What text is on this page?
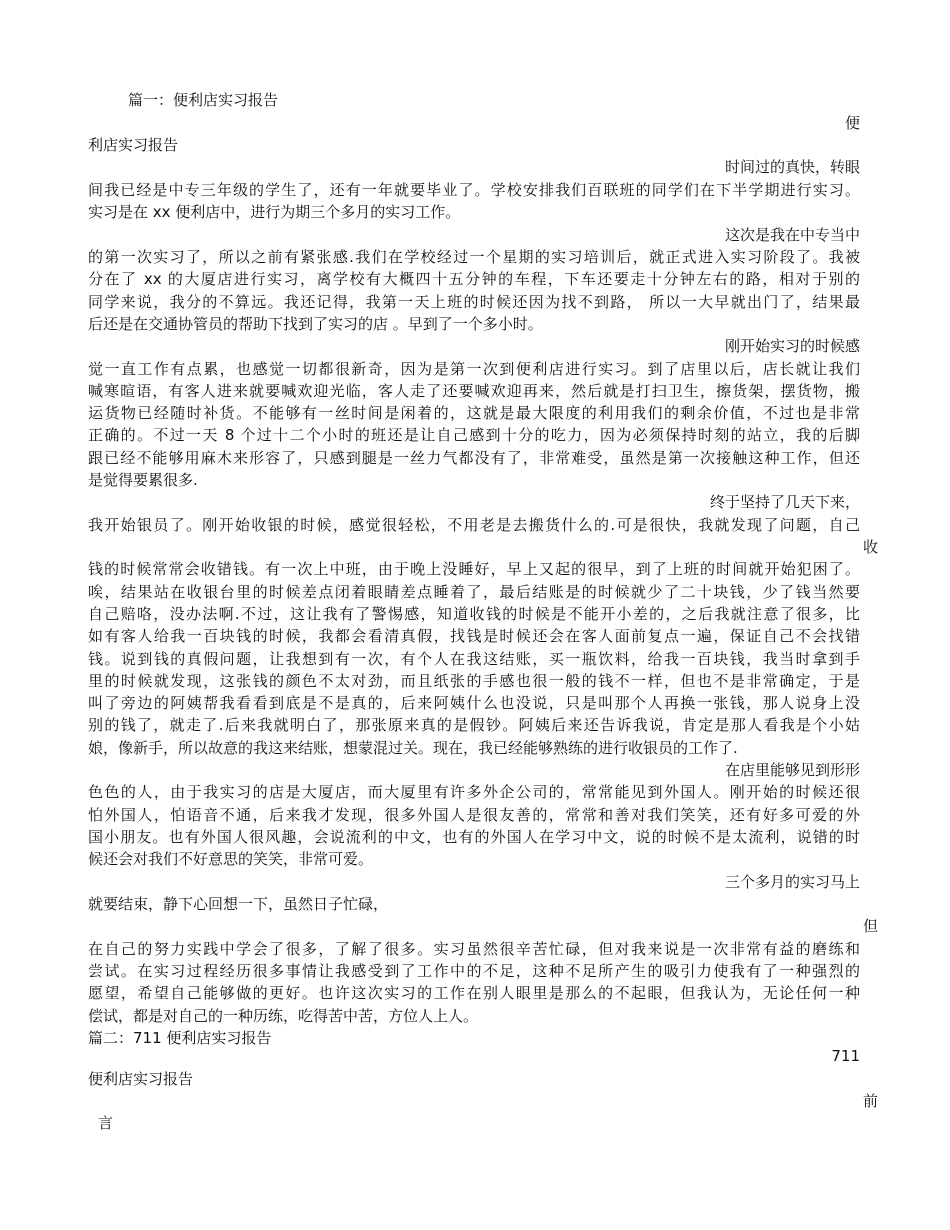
篇一：便利店实习报告
便
利店实习报告
时间过的真快，转眼
间我已经是中专三年级的学生了，还有一年就要毕业了。学校安排我们百联班的同学们在下半学期进行实习。
实习是在 xx 便利店中，进行为期三个多月的实习工作。
这次是我在中专当中
的第一次实习了，所以之前有紧张感.我们在学校经过一个星期的实习培训后，就正式进入实习阶段了。我被
分在了 xx 的大厦店进行实习，离学校有大概四十五分钟的车程，下车还要走十分钟左右的路，相对于别的
同学来说，我分的不算远。我还记得，我第一天上班的时候还因为找不到路， 所以一大早就出门了，结果最
后还是在交通协管员的帮助下找到了实习的店 。早到了一个多小时。
刚开始实习的时候感
觉一直工作有点累，也感觉一切都很新奇，因为是第一次到便利店进行实习。到了店里以后，店长就让我们
喊寒暄语，有客人进来就要喊欢迎光临，客人走了还要喊欢迎再来，然后就是打扫卫生，擦货架，摆货物，搬
运货物已经随时补货。不能够有一丝时间是闲着的，这就是最大限度的利用我们的剩余价值，不过也是非常
正确的。不过一天 8 个过十二个小时的班还是让自己感到十分的吃力，因为必须保持时刻的站立，我的后脚
跟已经不能够用麻木来形容了，只感到腿是一丝力气都没有了，非常难受，虽然是第一次接触这种工作，但还
是觉得要累很多.
终于坚持了几天下来，
我开始银员了。刚开始收银的时候，感觉很轻松，不用老是去搬货什么的.可是很快，我就发现了问题，自己
收
钱的时候常常会收错钱。有一次上中班，由于晚上没睡好，早上又起的很早，到了上班的时间就开始犯困了。
唉，结果站在收银台里的时候差点闭着眼睛差点睡着了，最后结账是的时候就少了二十块钱，少了钱当然要
自己赔咯，没办法啊.不过，这让我有了警惕感，知道收钱的时候是不能开小差的，之后我就注意了很多，比
如有客人给我一百块钱的时候，我都会看清真假，找钱是时候还会在客人面前复点一遍，保证自己不会找错
钱。说到钱的真假问题，让我想到有一次，有个人在我这结账，买一瓶饮料，给我一百块钱，我当时拿到手
里的时候就发现，这张钱的颜色不太对劲，而且纸张的手感也很一般的钱不一样，但也不是非常确定，于是
叫了旁边的阿姨帮我看看到底是不是真的，后来阿姨什么也没说，只是叫那个人再换一张钱，那人说身上没
别的钱了，就走了.后来我就明白了，那张原来真的是假钞。阿姨后来还告诉我说，肯定是那人看我是个小姑
娘，像新手，所以故意的我这来结账，想蒙混过关。现在，我已经能够熟练的进行收银员的工作了.
在店里能够见到形形
色色的人，由于我实习的店是大厦店，而大厦里有许多外企公司的，常常能见到外国人。刚开始的时候还很
怕外国人，怕语音不通，后来我才发现，很多外国人是很友善的，常常和善对我们笑笑，还有好多可爱的外
国小朋友。也有外国人很风趣，会说流利的中文，也有的外国人在学习中文，说的时候不是太流利，说错的时
候还会对我们不好意思的笑笑，非常可爱。
三个多月的实习马上
就要结束，静下心回想一下，虽然日子忙碌，
但
在自己的努力实践中学会了很多，了解了很多。实习虽然很辛苦忙碌，但对我来说是一次非常有益的磨练和
尝试。在实习过程经历很多事情让我感受到了工作中的不足，这种不足所产生的吸引力使我有了一种强烈的
愿望，希望自己能够做的更好。也许这次实习的工作在别人眼里是那么的不起眼，但我认为，无论任何一种
偿试，都是对自己的一种历练，吃得苦中苦，方位人上人。
篇二：711 便利店实习报告
711
便利店实习报告
前
言
